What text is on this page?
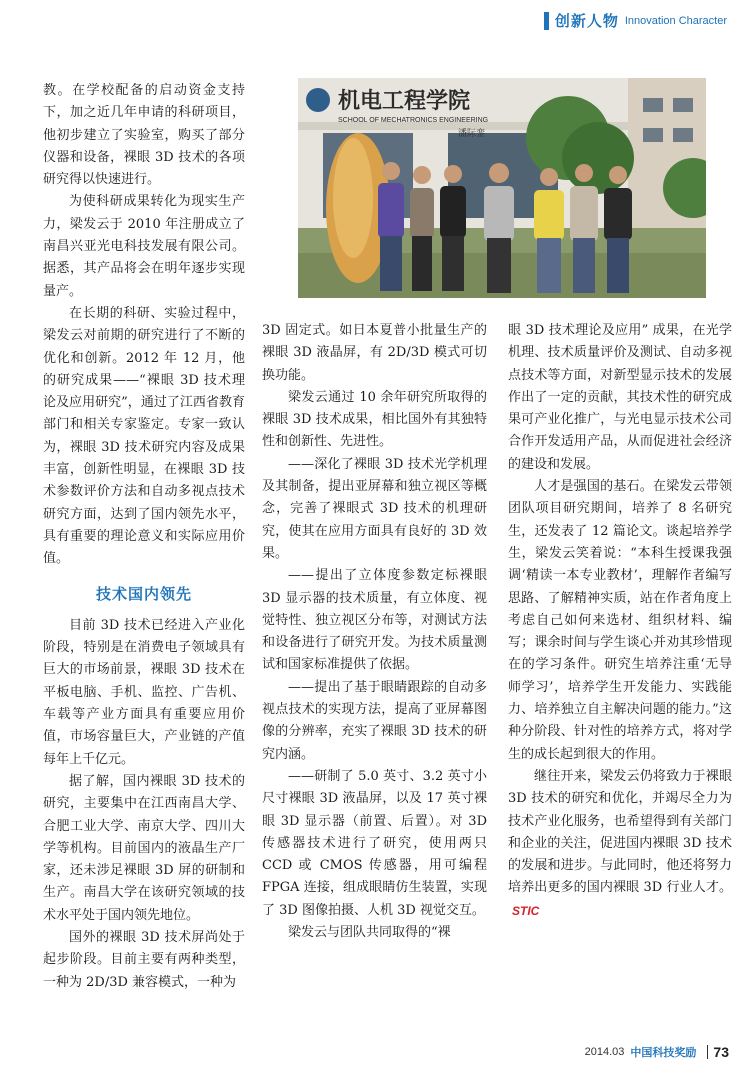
创新人物 Innovation Character

教。在学校配备的启动资金支持下，加之近几年申请的科研项目，他初步建立了实验室，购买了部分仪器和设备，裸眼 3D 技术的各项研究得以快速进行。

为使科研成果转化为现实生产力，梁发云于 2010 年注册成立了南昌兴亚光电科技发展有限公司。据悉，其产品将会在明年逐步实现量产。

在长期的科研、实验过程中，梁发云对前期的研究进行了不断的优化和创新。2012 年 12 月，他的研究成果——“裸眼 3D 技术理论及应用研究”，通过了江西省教育部门和相关专家鉴定。专家一致认为，裸眼 3D 技术研究内容及成果丰富，创新性明显，在裸眼 3D 技术参数评价方法和自动多视点技术研究方面，达到了国内领先水平，具有重要的理论意义和实际应用价值。

技术国内领先

目前 3D 技术已经进入产业化阶段，特别是在消费电子领域具有巨大的市场前景，裸眼 3D 技术在平板电脑、手机、监控、广告机、车载等产业方面具有重要应用价值，市场容量巨大，产业链的产值每年上千亿元。

据了解，国内裸眼 3D 技术的研究，主要集中在江西南昌大学、合肥工业大学、南京大学、四川大学等机构。目前国内的液晶生产厂家，还未涉足裸眼 3D 屏的研制和生产。南昌大学在该研究领域的技术水平处于国内领先地位。

国外的裸眼 3D 技术屏尚处于起步阶段。目前主要有两种类型，一种为 2D/3D 兼容模式，一种为

机电工程学院
SCHOOL OF MECHATRONICS ENGINEERING
潘际銮

3D 固定式。如日本夏普小批量生产的裸眼 3D 液晶屏，有 2D/3D 模式可切换功能。

梁发云通过 10 余年研究所取得的裸眼 3D 技术成果，相比国外有其独特性和创新性、先进性。

——深化了裸眼 3D 技术光学机理及其制备，提出亚屏幕和独立视区等概念，完善了裸眼式 3D 技术的机理研究，使其在应用方面具有良好的 3D 效果。

——提出了立体度参数定标裸眼 3D 显示器的技术质量，有立体度、视觉特性、独立视区分布等，对测试方法和设备进行了研究开发。为技术质量测试和国家标准提供了依据。

——提出了基于眼睛跟踪的自动多视点技术的实现方法，提高了亚屏幕图像的分辨率，充实了裸眼 3D 技术的研究内涵。

——研制了 5.0 英寸、3.2 英寸小尺寸裸眼 3D 液晶屏，以及 17 英寸裸眼 3D 显示器（前置、后置）。对 3D 传感器技术进行了研究，使用两只 CCD 或 CMOS 传感器，用可编程 FPGA 连接，组成眼睛仿生装置，实现了 3D 图像拍摄、人机 3D 视觉交互。

梁发云与团队共同取得的“裸

眼 3D 技术理论及应用” 成果，在光学机理、技术质量评价及测试、自动多视点技术等方面，对新型显示技术的发展作出了一定的贡献，其技术性的研究成果可产业化推广，与光电显示技术公司合作开发适用产品，从而促进社会经济的建设和发展。

人才是强国的基石。在梁发云带领团队项目研究期间，培养了 8 名研究生，还发表了 12 篇论文。谈起培养学生，梁发云笑着说：“本科生授课我强调‘精读一本专业教材’，理解作者编写思路、了解精神实质，站在作者角度上考虑自己如何来选材、组织材料、编写；课余时间与学生谈心并劝其珍惜现在的学习条件。研究生培养注重‘无导师学习’，培养学生开发能力、实践能力、培养独立自主解决问题的能力。”这种分阶段、针对性的培养方式，将对学生的成长起到很大的作用。

继往开来，梁发云仍将致力于裸眼 3D 技术的研究和优化，并竭尽全力为技术产业化服务，也希望得到有关部门和企业的关注，促进国内裸眼 3D 技术的发展和进步。与此同时，他还将努力培养出更多的国内裸眼 3D 行业人才。STIC

2014.03 中国科技奖励 73
